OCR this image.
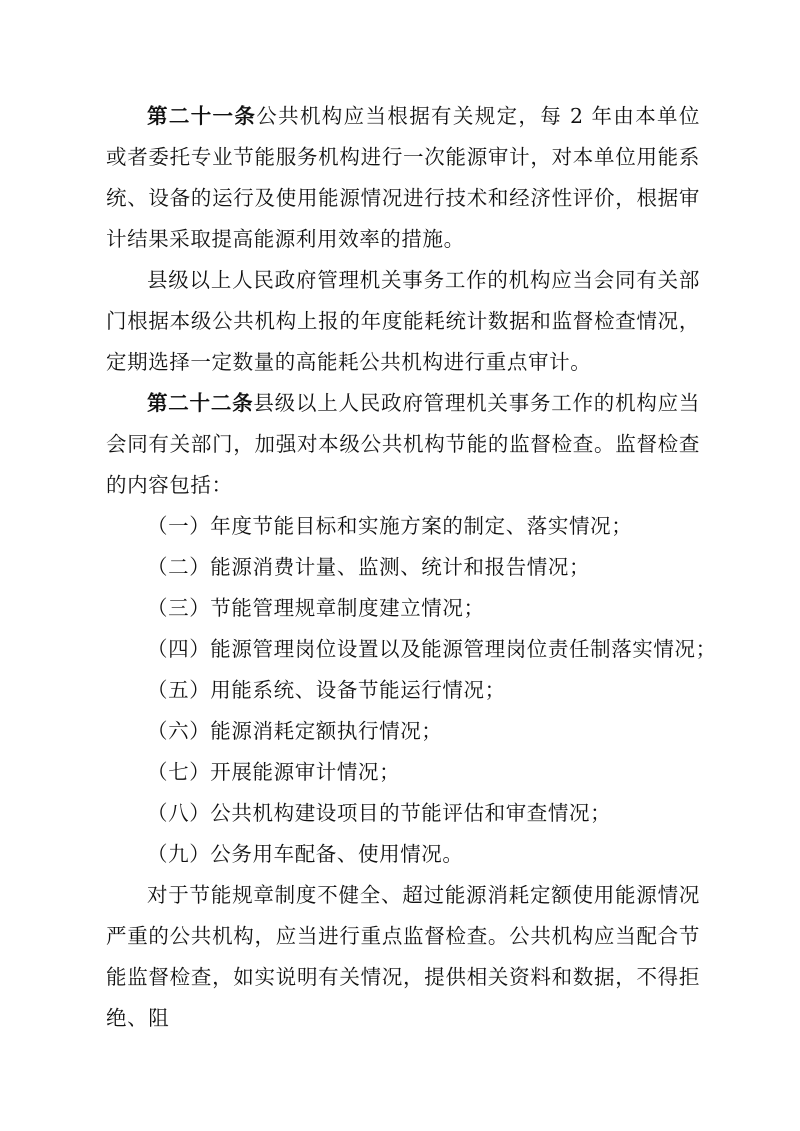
第二十一条公共机构应当根据有关规定，每 2 年由本单位或者委托专业节能服务机构进行一次能源审计，对本单位用能系统、设备的运行及使用能源情况进行技术和经济性评价，根据审计结果采取提高能源利用效率的措施。

县级以上人民政府管理机关事务工作的机构应当会同有关部门根据本级公共机构上报的年度能耗统计数据和监督检查情况，定期选择一定数量的高能耗公共机构进行重点审计。

第二十二条县级以上人民政府管理机关事务工作的机构应当会同有关部门，加强对本级公共机构节能的监督检查。监督检查的内容包括：

（一）年度节能目标和实施方案的制定、落实情况；

（二）能源消费计量、监测、统计和报告情况；

（三）节能管理规章制度建立情况；

（四）能源管理岗位设置以及能源管理岗位责任制落实情况；

（五）用能系统、设备节能运行情况；

（六）能源消耗定额执行情况；

（七）开展能源审计情况；

（八）公共机构建设项目的节能评估和审查情况；

（九）公务用车配备、使用情况。

对于节能规章制度不健全、超过能源消耗定额使用能源情况严重的公共机构，应当进行重点监督检查。公共机构应当配合节能监督检查，如实说明有关情况，提供相关资料和数据，不得拒绝、阻
